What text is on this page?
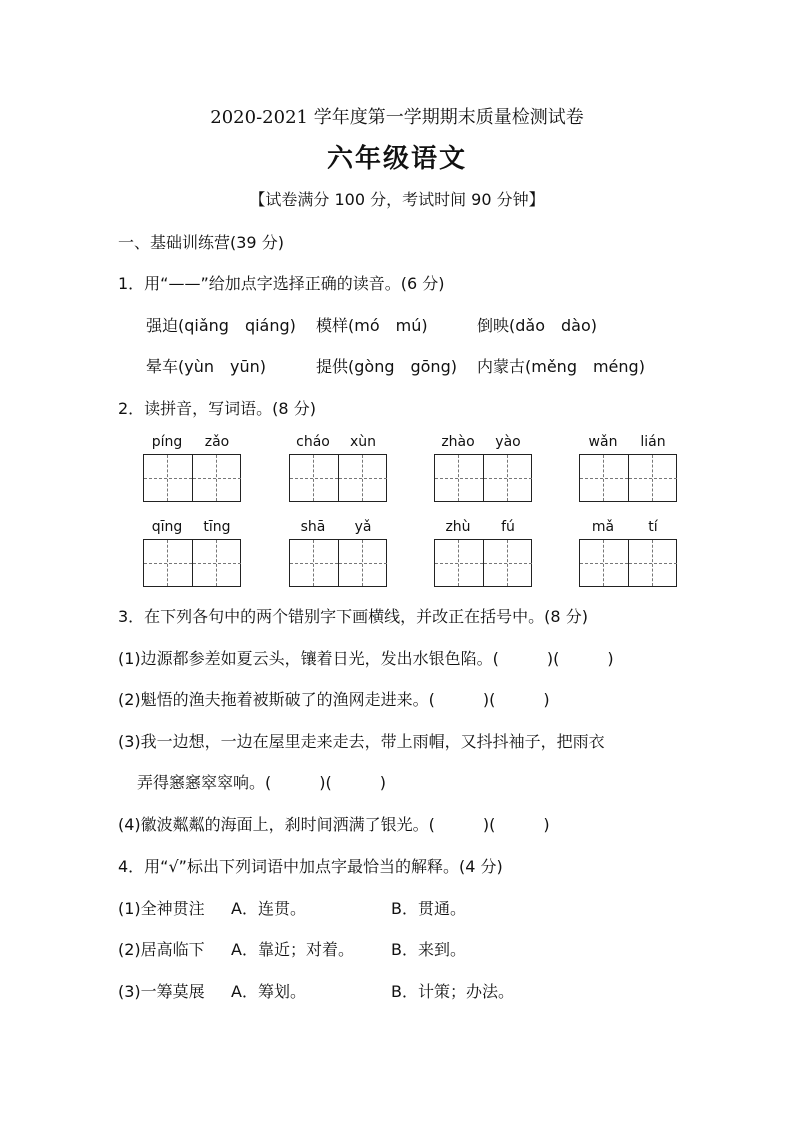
2020-2021 学年度第一学期期末质量检测试卷
六年级语文
【试卷满分 100 分，考试时间 90 分钟】
一、基础训练营(39 分)
1．用“——”给加点字选择正确的读音。(6 分)
强迫(qiǎng　qiáng) 模样(mó　mú)	倒映(dǎo　dào)
晕车(yùn　yūn)	提供(gòng　gōng) 内蒙古(měng　méng)
2．读拼音，写词语。(8 分)
píng	zǎo	cháo	xùn	zhào	yào	wǎn	lián
qīng	tīng	shā	yǎ	zhù	fú	mǎ	tí
3．在下列各句中的两个错别字下画横线，并改正在括号中。(8 分)
(1)边源都参差如夏云头，镶着日光，发出水银色陷。(　　　)(　　　)
(2)魁悟的渔夫拖着被斯破了的渔网走进来。(　　　)(　　　)
(3)我一边想，一边在屋里走来走去，带上雨帽，又抖抖袖子，把雨衣
弄得窸窸窣窣响。(　　　)(　　　)
(4)徽波粼粼的海面上，刹时间洒满了银光。(　　　)(　　　)
4．用“√”标出下列词语中加点字最恰当的解释。(4 分)
(1)全神贯注 A．连贯。	B．贯通。
(2)居高临下 A．靠近；对着。 B．来到。
(3)一筹莫展 A．筹划。	B．计策；办法。
